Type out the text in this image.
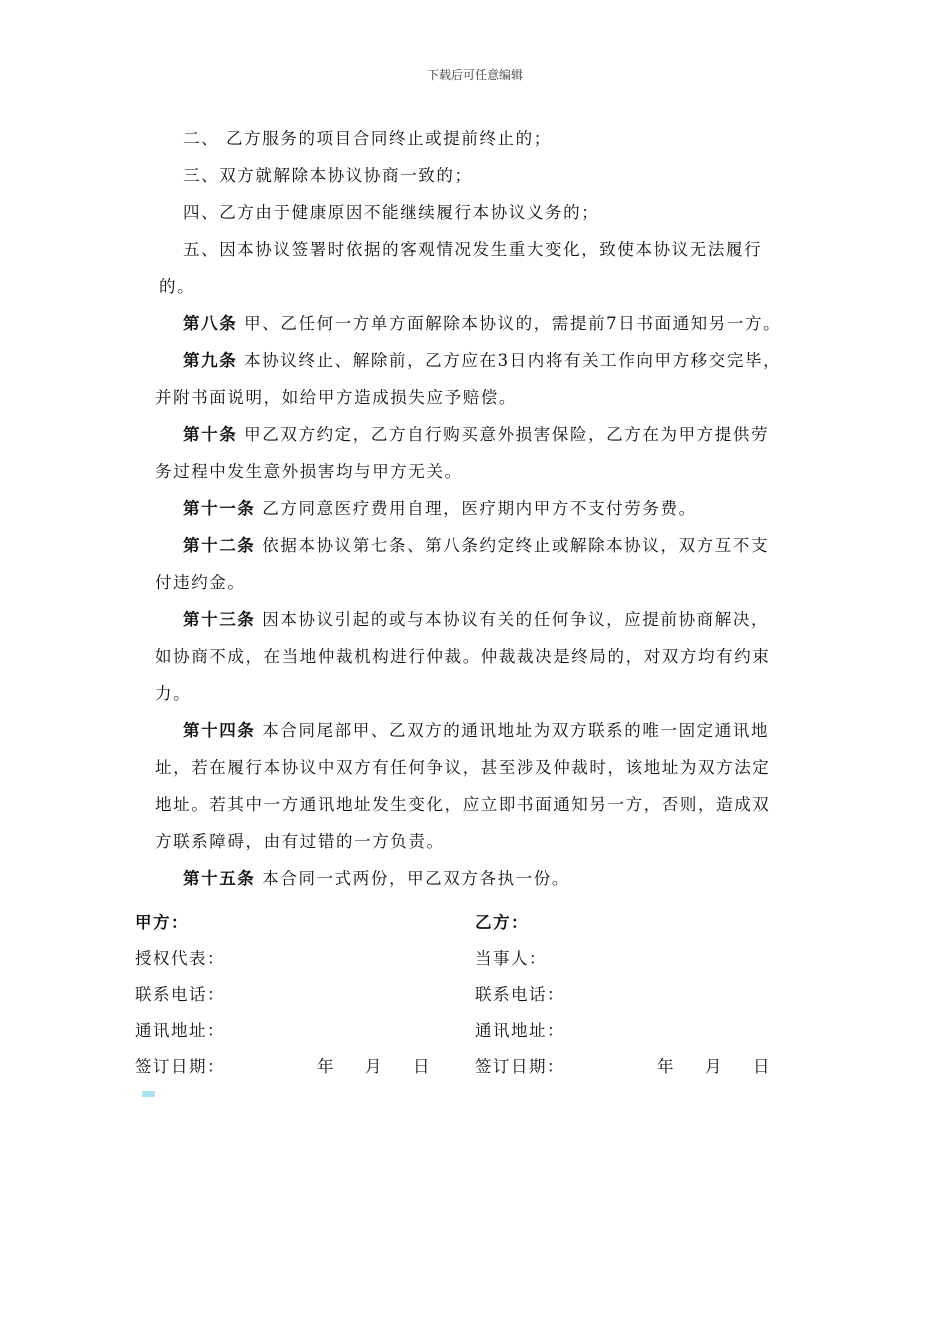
下载后可任意编辑
二、 乙方服务的项目合同终止或提前终止的；
三、双方就解除本协议协商一致的；
四、乙方由于健康原因不能继续履行本协议义务的；
五、因本协议签署时依据的客观情况发生重大变化，致使本协议无法履行
的。
第八条 甲、乙任何一方单方面解除本协议的，需提前7日书面通知另一方。
第九条 本协议终止、解除前，乙方应在3日内将有关工作向甲方移交完毕，
并附书面说明，如给甲方造成损失应予赔偿。
第十条 甲乙双方约定，乙方自行购买意外损害保险，乙方在为甲方提供劳
务过程中发生意外损害均与甲方无关。
第十一条 乙方同意医疗费用自理，医疗期内甲方不支付劳务费。
第十二条 依据本协议第七条、第八条约定终止或解除本协议，双方互不支
付违约金。
第十三条 因本协议引起的或与本协议有关的任何争议，应提前协商解决，
如协商不成，在当地仲裁机构进行仲裁。仲裁裁决是终局的，对双方均有约束
力。
第十四条 本合同尾部甲、乙双方的通讯地址为双方联系的唯一固定通讯地
址，若在履行本协议中双方有任何争议，甚至涉及仲裁时，该地址为双方法定
地址。若其中一方通讯地址发生变化，应立即书面通知另一方，否则，造成双
方联系障碍，由有过错的一方负责。
第十五条 本合同一式两份，甲乙双方各执一份。
甲方：
授权代表：
联系电话：
通讯地址：
签订日期：	年 月 日
乙方：
当事人：
联系电话：
通讯地址：
签订日期：	年 月 日
